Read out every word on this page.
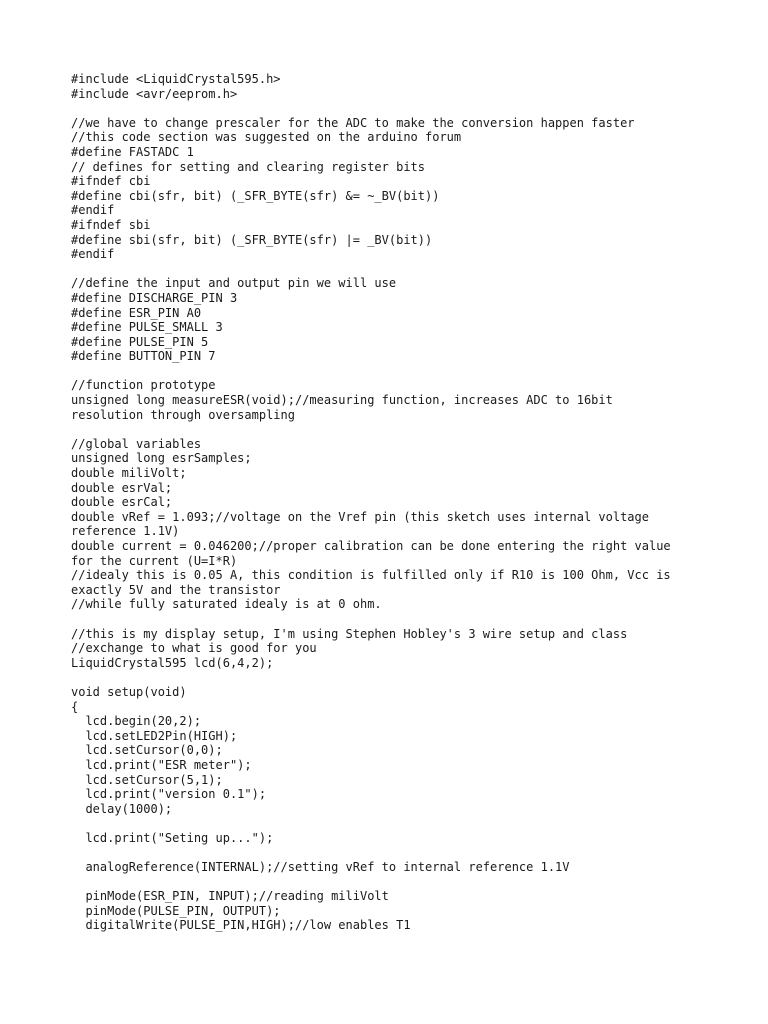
#include <LiquidCrystal595.h>
#include <avr/eeprom.h>
//we have to change prescaler for the ADC to make the conversion happen faster
//this code section was suggested on the arduino forum
#define FASTADC 1
// defines for setting and clearing register bits
#ifndef cbi
#define cbi(sfr, bit) (_SFR_BYTE(sfr) &= ~_BV(bit))
#endif
#ifndef sbi
#define sbi(sfr, bit) (_SFR_BYTE(sfr) |= _BV(bit))
#endif
//define the input and output pin we will use
#define DISCHARGE_PIN 3
#define ESR_PIN A0
#define PULSE_SMALL 3
#define PULSE_PIN 5
#define BUTTON_PIN 7
//function prototype
unsigned long measureESR(void);//measuring function, increases ADC to 16bit
resolution through oversampling
//global variables
unsigned long esrSamples;
double miliVolt;
double esrVal;
double esrCal;
double vRef = 1.093;//voltage on the Vref pin (this sketch uses internal voltage
reference 1.1V)
double current = 0.046200;//proper calibration can be done entering the right value
for the current (U=I*R)
//idealy this is 0.05 A, this condition is fulfilled only if R10 is 100 Ohm, Vcc is
exactly 5V and the transistor
//while fully saturated idealy is at 0 ohm.
//this is my display setup, I'm using Stephen Hobley's 3 wire setup and class
//exchange to what is good for you
LiquidCrystal595 lcd(6,4,2);
void setup(void)
{
lcd.begin(20,2);
lcd.setLED2Pin(HIGH);
lcd.setCursor(0,0);
lcd.print("ESR meter");
lcd.setCursor(5,1);
lcd.print("version 0.1");
delay(1000);
lcd.print("Seting up...");
analogReference(INTERNAL);//setting vRef to internal reference 1.1V
pinMode(ESR_PIN, INPUT);//reading miliVolt
pinMode(PULSE_PIN, OUTPUT);
digitalWrite(PULSE_PIN,HIGH);//low enables T1
